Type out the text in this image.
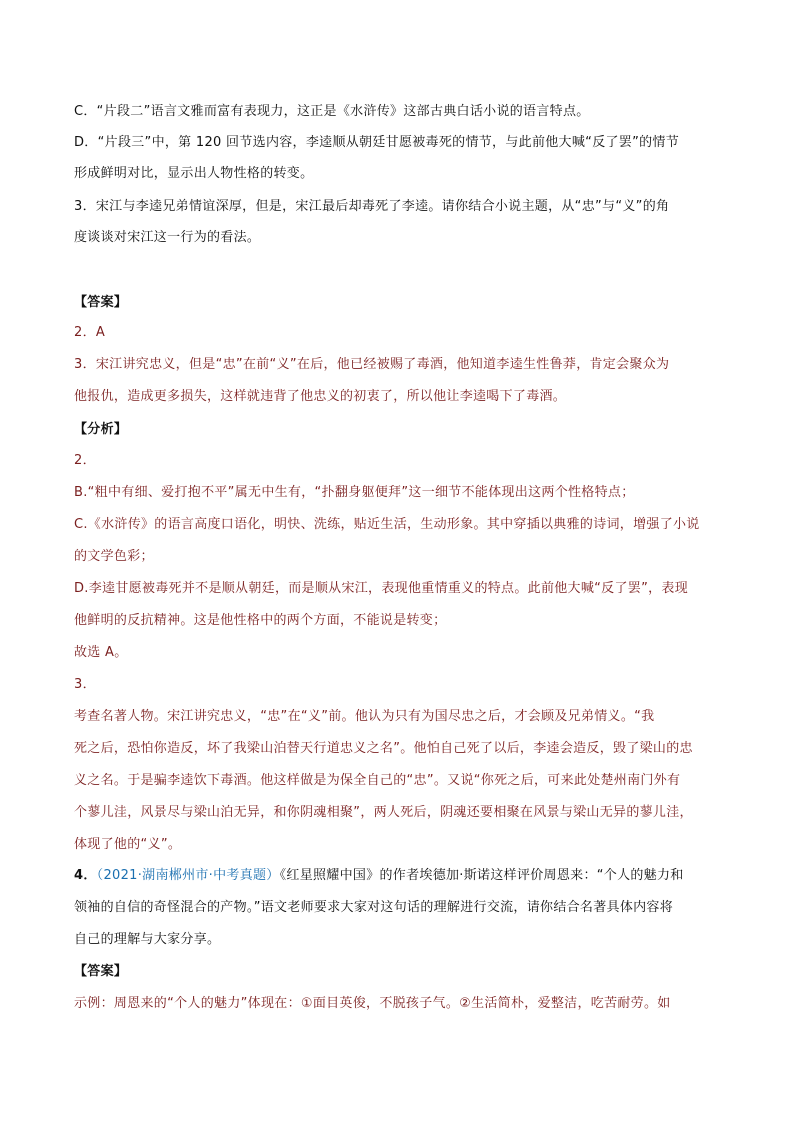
C．“片段二”语言文雅而富有表现力，这正是《水浒传》这部古典白话小说的语言特点。
D．“片段三”中，第 120 回节选内容，李逵顺从朝廷甘愿被毒死的情节，与此前他大喊“反了罢”的情节
形成鲜明对比，显示出人物性格的转变。
3．宋江与李逵兄弟情谊深厚，但是，宋江最后却毒死了李逵。请你结合小说主题，从“忠”与“义”的角
度谈谈对宋江这一行为的看法。
【答案】
2．A
3．宋江讲究忠义，但是“忠”在前“义”在后，他已经被赐了毒酒，他知道李逵生性鲁莽，肯定会聚众为
他报仇，造成更多损失，这样就违背了他忠义的初衷了，所以他让李逵喝下了毒酒。
【分析】
2．
B.“粗中有细、爱打抱不平”属无中生有，“扑翻身躯便拜”这一细节不能体现出这两个性格特点；
C.《水浒传》的语言高度口语化，明快、洗练，贴近生活，生动形象。其中穿插以典雅的诗词，增强了小说
的文学色彩；
D.李逵甘愿被毒死并不是顺从朝廷，而是顺从宋江，表现他重情重义的特点。此前他大喊“反了罢”，表现
他鲜明的反抗精神。这是他性格中的两个方面，不能说是转变；
故选 A。
3．
考查名著人物。宋江讲究忠义，“忠”在“义”前。他认为只有为国尽忠之后，才会顾及兄弟情义。“我
死之后，恐怕你造反，坏了我梁山泊替天行道忠义之名”。他怕自己死了以后，李逵会造反，毁了梁山的忠
义之名。于是骗李逵饮下毒酒。他这样做是为保全自己的“忠”。又说“你死之后，可来此处楚州南门外有
个蓼儿洼，风景尽与梁山泊无异，和你阴魂相聚”，两人死后，阴魂还要相聚在风景与梁山无异的蓼儿洼，
体现了他的“义”。
4．（2021·湖南郴州市·中考真题）《红星照耀中国》的作者埃德加·斯诺这样评价周恩来：“个人的魅力和
领袖的自信的奇怪混合的产物。”语文老师要求大家对这句话的理解进行交流，请你结合名著具体内容将
自己的理解与大家分享。
【答案】
示例：周恩来的“个人的魅力”体现在：①面目英俊，不脱孩子气。②生活简朴，爱整洁，吃苦耐劳。如
